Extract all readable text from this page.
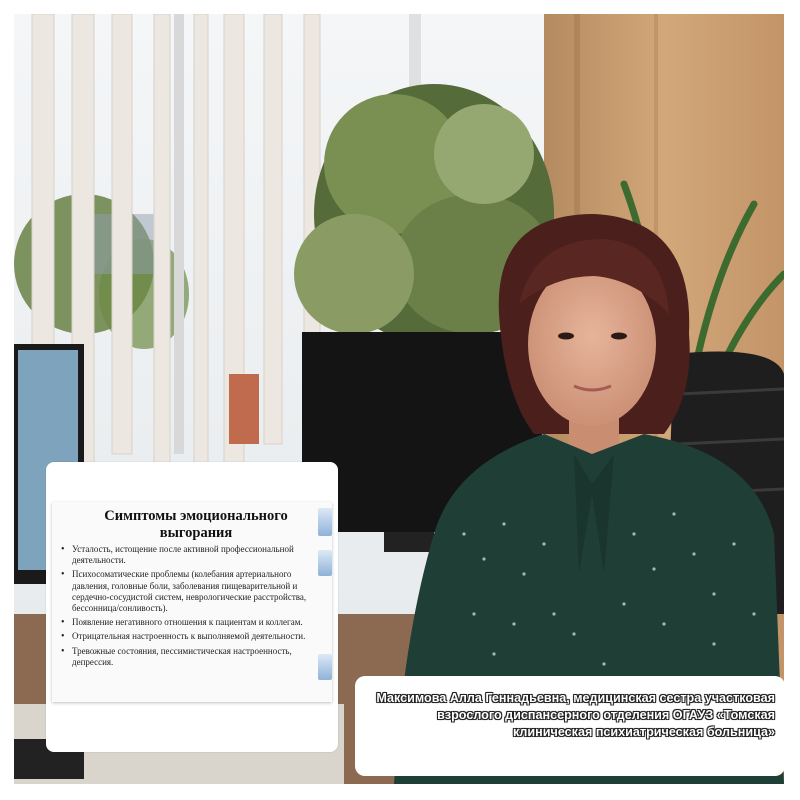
Симптомы эмоционального выгорания
• Усталость, истощение после активной профессиональной деятельности.
• Психосоматические проблемы (колебания артериального давления, головные боли, заболевания пищеварительной и сердечно-сосудистой систем, неврологические расстройства, бессонница/сонливость).
• Появление негативного отношения к пациентам и коллегам.
• Отрицательная настроенность к выполняемой деятельности.
• Тревожные состояния, пессимистическая настроенность, депрессия.
Максимова Алла Геннадьевна, медицинская сестра участковая взрослого диспансерного отделения ОГАУЗ «Томская клиническая психиатрическая больница»
